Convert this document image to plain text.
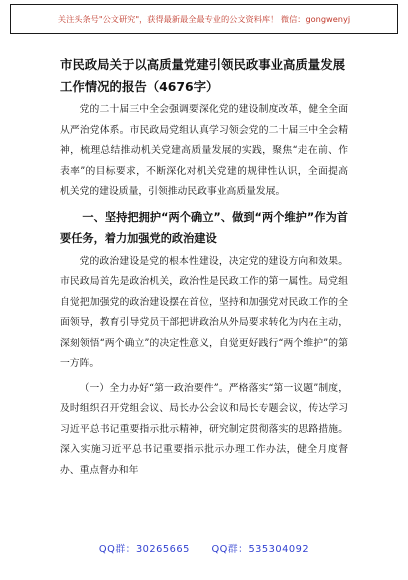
关注头条号"公文研究"，获得最新最全最专业的公文资料库！ 微信：gongwenyj
市民政局关于以高质量党建引领民政事业高质量发展工作情况的报告（4676字）

党的二十届三中全会强调要深化党的建设制度改革，健全全面从严治党体系。市民政局党组认真学习领会党的二十届三中全会精神，梳理总结推动机关党建高质量发展的实践，聚焦“走在前、作表率”的目标要求，不断深化对机关党建的规律性认识，全面提高机关党的建设质量，引领推动民政事业高质量发展。

一、坚持把拥护“两个确立”、做到“两个维护”作为首要任务，着力加强党的政治建设

党的政治建设是党的根本性建设，决定党的建设方向和效果。市民政局首先是政治机关，政治性是民政工作的第一属性。局党组自觉把加强党的政治建设摆在首位，坚持和加强党对民政工作的全面领导，教育引导党员干部把讲政治从外局要求转化为内在主动，深刻领悟“两个确立”的决定性意义，自觉更好践行“两个维护”的第一方阵。

（一）全力办好“第一政治要件”。严格落实“第一议题”制度，及时组织召开党组会议、局长办公会议和局长专题会议，传达学习习近平总书记重要指示批示精神，研究制定贯彻落实的思路措施。深入实施习近平总书记重要指示批示办理工作办法，健全月度督办、重点督办和年

QQ群：30265665 QQ群：535304092
